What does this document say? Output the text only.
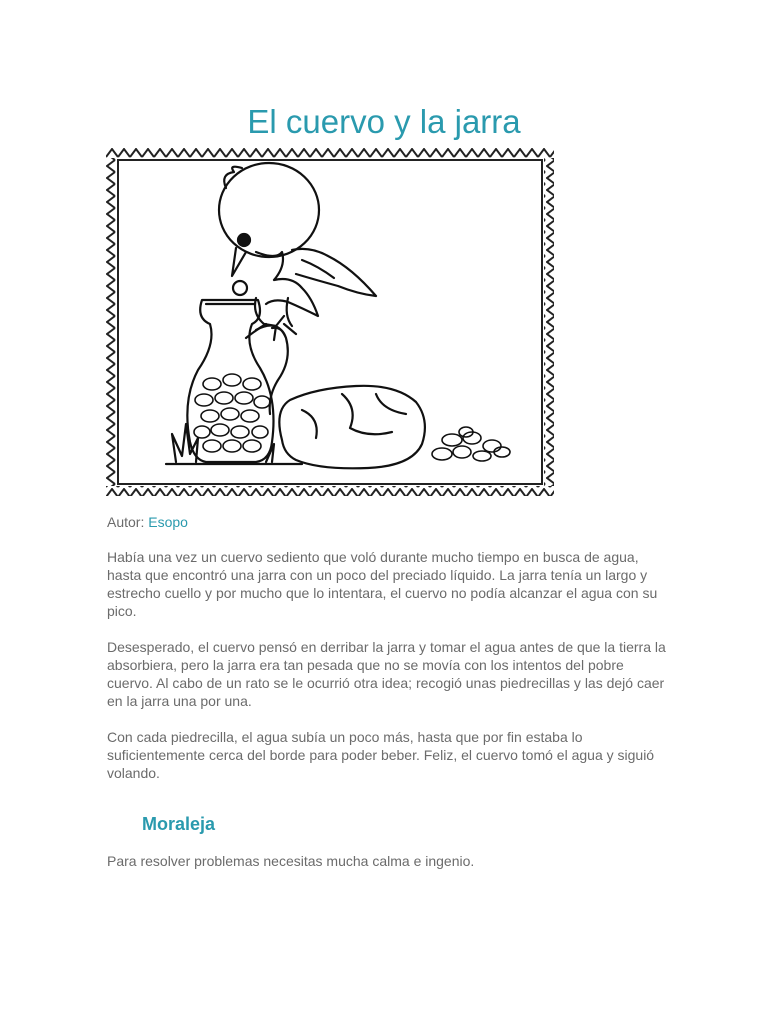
El cuervo y la jarra
Autor: Esopo

Había una vez un cuervo sediento que voló durante mucho tiempo en busca de agua, hasta que encontró una jarra con un poco del preciado líquido. La jarra tenía un largo y estrecho cuello y por mucho que lo intentara, el cuervo no podía alcanzar el agua con su pico.

Desesperado, el cuervo pensó en derribar la jarra y tomar el agua antes de que la tierra la absorbiera, pero la jarra era tan pesada que no se movía con los intentos del pobre cuervo. Al cabo de un rato se le ocurrió otra idea; recogió unas piedrecillas y las dejó caer en la jarra una por una.

Con cada piedrecilla, el agua subía un poco más, hasta que por fin estaba lo suficientemente cerca del borde para poder beber. Feliz, el cuervo tomó el agua y siguió volando.

Moraleja

Para resolver problemas necesitas mucha calma e ingenio.
